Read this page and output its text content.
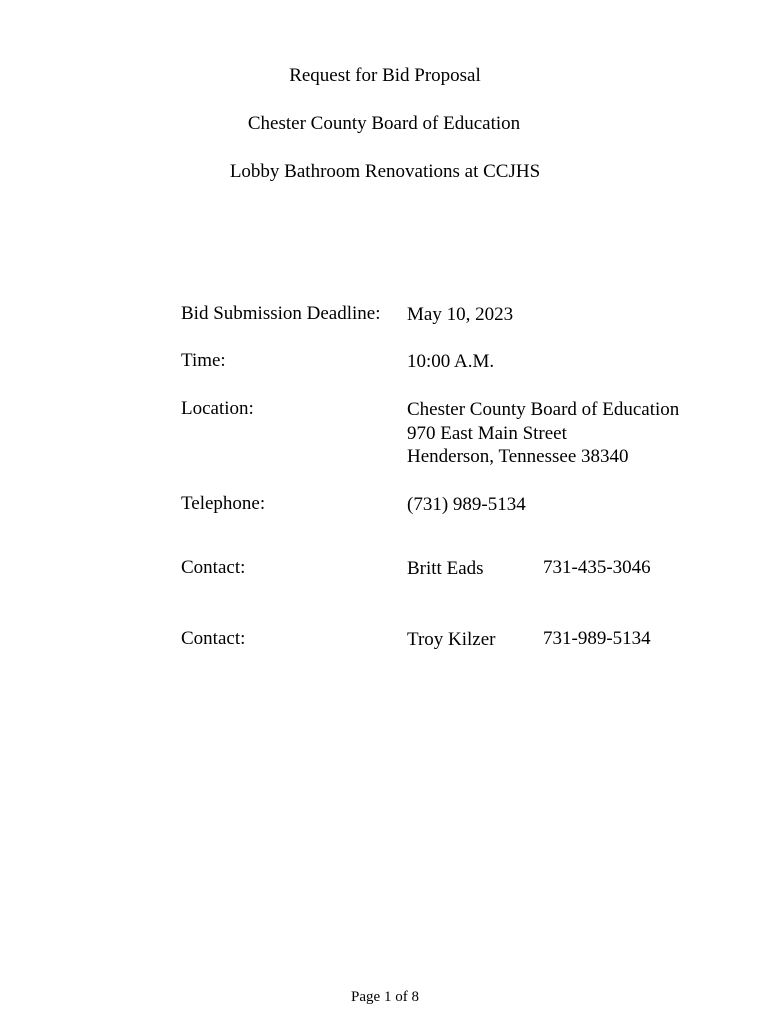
Request for Bid Proposal
Chester County Board of Education
Lobby Bathroom Renovations at CCJHS
Bid Submission Deadline: May 10, 2023
Time:	10:00 A.M.
Location:	Chester County Board of Education
970 East Main Street
Henderson, Tennessee 38340
Telephone:	(731) 989-5134
Contact:	Britt Eads	731-435-3046
Contact:	Troy Kilzer	731-989-5134
Page 1 of 8
